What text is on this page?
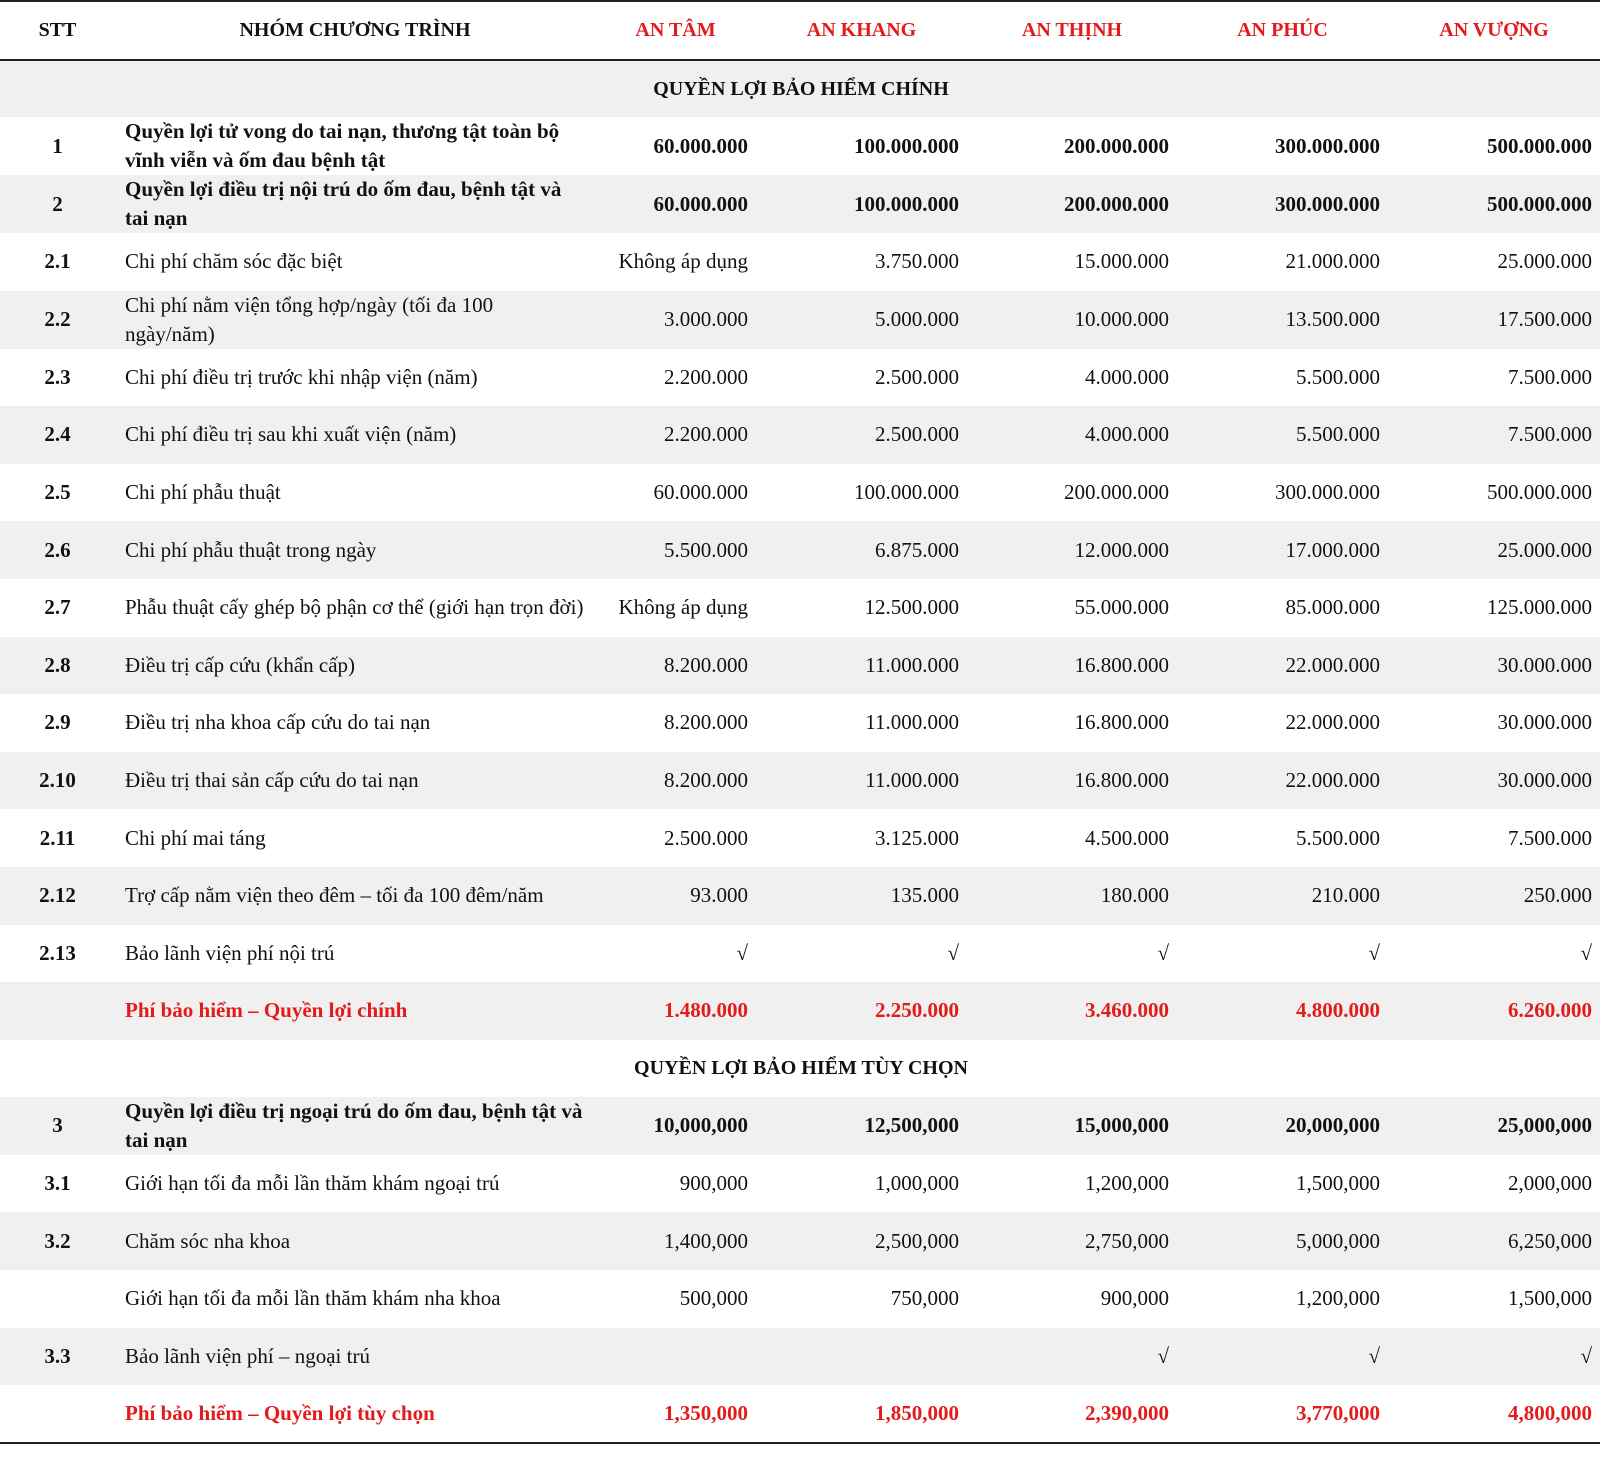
STT	NHÓM CHƯƠNG TRÌNH	AN TÂM	AN KHANG	AN THỊNH	AN PHÚC	AN VƯỢNG
QUYỀN LỢI BẢO HIỂM CHÍNH						
1	Quyền lợi tử vong do tai nạn, thương tật toàn bộ vĩnh viễn và ốm đau bệnh tật	60.000.000	100.000.000	200.000.000	300.000.000	500.000.000
2	Quyền lợi điều trị nội trú do ốm đau, bệnh tật và tai nạn	60.000.000	100.000.000	200.000.000	300.000.000	500.000.000
2.1	Chi phí chăm sóc đặc biệt	Không áp dụng	3.750.000	15.000.000	21.000.000	25.000.000
2.2	Chi phí nằm viện tổng hợp/ngày (tối đa 100 ngày/năm)	3.000.000	5.000.000	10.000.000	13.500.000	17.500.000
2.3	Chi phí điều trị trước khi nhập viện (năm)	2.200.000	2.500.000	4.000.000	5.500.000	7.500.000
2.4	Chi phí điều trị sau khi xuất viện (năm)	2.200.000	2.500.000	4.000.000	5.500.000	7.500.000
2.5	Chi phí phẫu thuật	60.000.000	100.000.000	200.000.000	300.000.000	500.000.000
2.6	Chi phí phẫu thuật trong ngày	5.500.000	6.875.000	12.000.000	17.000.000	25.000.000
2.7	Phẫu thuật cấy ghép bộ phận cơ thể (giới hạn trọn đời)	Không áp dụng	12.500.000	55.000.000	85.000.000	125.000.000
2.8	Điều trị cấp cứu (khẩn cấp)	8.200.000	11.000.000	16.800.000	22.000.000	30.000.000
2.9	Điều trị nha khoa cấp cứu do tai nạn	8.200.000	11.000.000	16.800.000	22.000.000	30.000.000
2.10	Điều trị thai sản cấp cứu do tai nạn	8.200.000	11.000.000	16.800.000	22.000.000	30.000.000
2.11	Chi phí mai táng	2.500.000	3.125.000	4.500.000	5.500.000	7.500.000
2.12	Trợ cấp nằm viện theo đêm – tối đa 100 đêm/năm	93.000	135.000	180.000	210.000	250.000
2.13	Bảo lãnh viện phí nội trú	√	√	√	√	√
	Phí bảo hiểm – Quyền lợi chính	1.480.000	2.250.000	3.460.000	4.800.000	6.260.000
QUYỀN LỢI BẢO HIỂM TÙY CHỌN						
3	Quyền lợi điều trị ngoại trú do ốm đau, bệnh tật và tai nạn	10,000,000	12,500,000	15,000,000	20,000,000	25,000,000
3.1	Giới hạn tối đa mỗi lần thăm khám ngoại trú	900,000	1,000,000	1,200,000	1,500,000	2,000,000
3.2	Chăm sóc nha khoa	1,400,000	2,500,000	2,750,000	5,000,000	6,250,000
	Giới hạn tối đa mỗi lần thăm khám nha khoa	500,000	750,000	900,000	1,200,000	1,500,000
3.3	Bảo lãnh viện phí – ngoại trú			√	√	√
	Phí bảo hiểm – Quyền lợi tùy chọn	1,350,000	1,850,000	2,390,000	3,770,000	4,800,000
